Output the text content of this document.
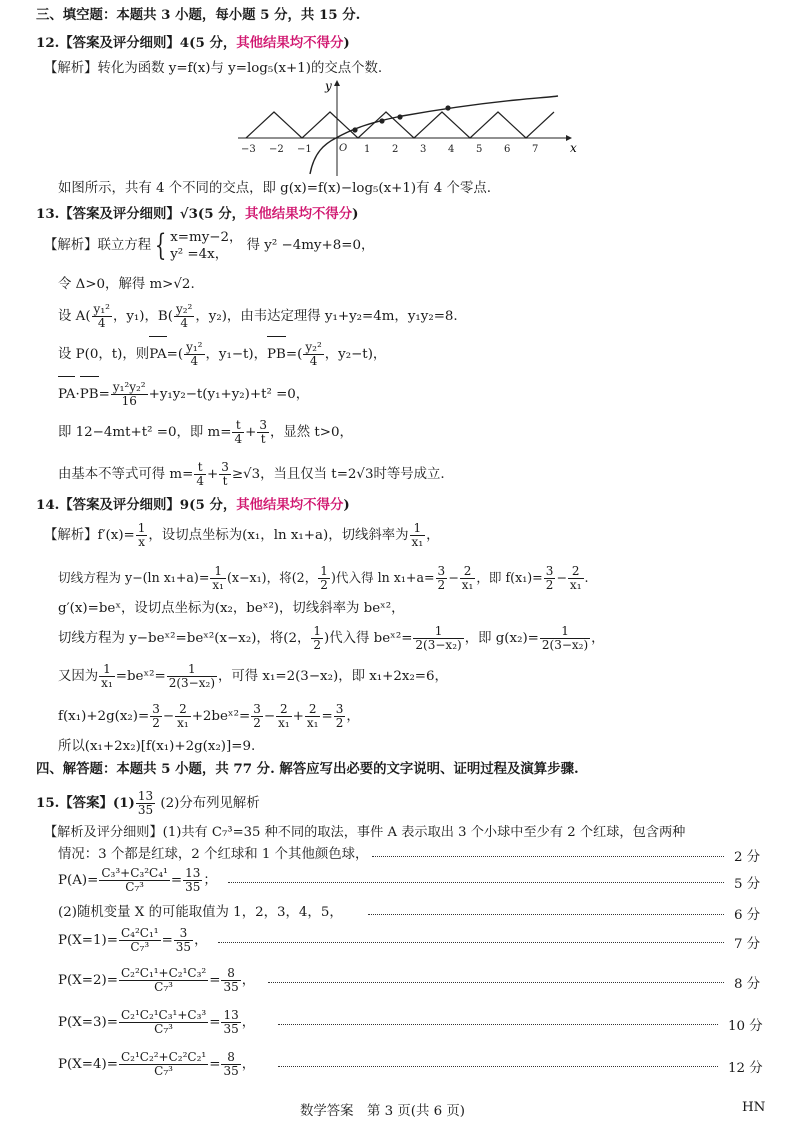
三、填空题：本题共 3 小题，每小题 5 分，共 15 分.
12.【答案及评分细则】4(5 分，其他结果均不得分)
【解析】转化为函数 y=f(x)与 y=log₅(x+1)的交点个数.
y
x
−3 −2 −1	O 1 2 3 4 5 6 7
如图所示，共有 4 个不同的交点，即 g(x)=f(x)−log₅(x+1)有 4 个零点.
13.【答案及评分细则】√3(5 分，其他结果均不得分)
【解析】联立方程 { x=my−2，
y² =4x，
得 y² −4my+8=0，
令 Δ>0，解得 m>√2.
设 $A( \frac{\text{y₁²}}{4}$ ，y₁)，$B( \frac{\text{y₂²}}{4}$ ，y₂)，由韦达定理得 y₁+y₂=4m，y₁y₂=8.
设 P(0，t)，则$PA=( \frac{\text{y₁²}}{4}$ ，y₁−t)，$PB=( \frac{\text{y₂²}}{4}$ ，y₂−t)，
$PA\cdot PB= \frac{\text{y₁²y₂²}}{16} +y_1y_2-t(y_1+y_2)+t^2 =0$，
即 12−4mt+t² =0，即 $m= \frac{t}{4} + \frac{3}{t}$ ，显然 t>0，
由基本不等式可得 $m= \frac{t}{4} + \frac{3}{t} \ge√3$，当且仅当 t=2√3时等号成立.
14.【答案及评分细则】9(5 分，其他结果均不得分)
【解析】$f'(x)= \frac{1}{x}$ ，设切点坐标为(x₁，ln x₁+a)，切线斜率为 $\frac{1}{\text{x₁}}$ ，
切线方程为 y−(ln $x_1+a)= \frac{1}{\text{x₁}} (x-x_1)$，将(2， $\frac{1}{2}$ )代入得 $\ln x_1+a= \frac{3}{2} - \frac{2}{\text{x₁}}$ ，即 $f(x_1)= \frac{3}{2} - \frac{2}{\text{x₁}}$ .
g′(x)=beˣ，设切点坐标为(x₂，beˣ²)，切线斜率为 beˣ²，
切线方程为 y−beˣ²=beˣ²(x−x₂)，将(2， $\frac{1}{2}$ )代入得 beˣ²= $\frac{1}{\text{2(3−x₂)}}$ ，即 $g(x_2)= \frac{1}{\text{2(3−x₂)}}$ ，
又因为 $\frac{1}{\text{x₁}}$ =beˣ²= $\frac{1}{\text{2(3−x₂)}}$ ，可得 x₁=2(3−x₂)，即 x₁+2x₂=6，
$f(x_1)+2g(x_2)= \frac{3}{2} - \frac{2}{\text{x₁}}$ +2beˣ²= $\frac{3}{2} - \frac{2}{\text{x₁}} + \frac{2}{\text{x₁}} = \frac{3}{2}$ ，
所以(x₁+2x₂)[f(x₁)+2g(x₂)]=9.
四、解答题：本题共 5 小题，共 77 分. 解答应写出必要的文字说明、证明过程及演算步骤.
15.【答案】$(1) \frac{13}{35} (2)$分布列见解析
【解析及评分细则】(1)共有 C₇³=35 种不同的取法，事件 A 表示取出 3 个小球中至少有 2 个红球，包含两种
情况：3 个都是红球，2 个红球和 1 个其他颜色球，	2 分
$P(A)= \frac{\text{C₃³+C₃²C₄¹}}{\text{C₇³}} = \frac{13}{35}$ ；	5 分
(2)随机变量 X 的可能取值为 1，2，3，4，5，	6 分
$P(X=1)= \frac{\text{C₄²C₁¹}}{\text{C₇³}} = \frac{3}{35}$ ，	7 分
$P(X=2)= \frac{\text{C₂²C₁¹+C₂¹C₃²}}{\text{C₇³}} = \frac{8}{35}$ ，	8 分
$P(X=3)= \frac{\text{C₂¹C₂¹C₃¹+C₃³}}{\text{C₇³}} = \frac{13}{35}$ ，	10 分
$P(X=4)= \frac{\text{C₂¹C₂²+C₂²C₂¹}}{\text{C₇³}} = \frac{8}{35}$ ，	12 分
数学答案　第 3 页(共 6 页)	HN
